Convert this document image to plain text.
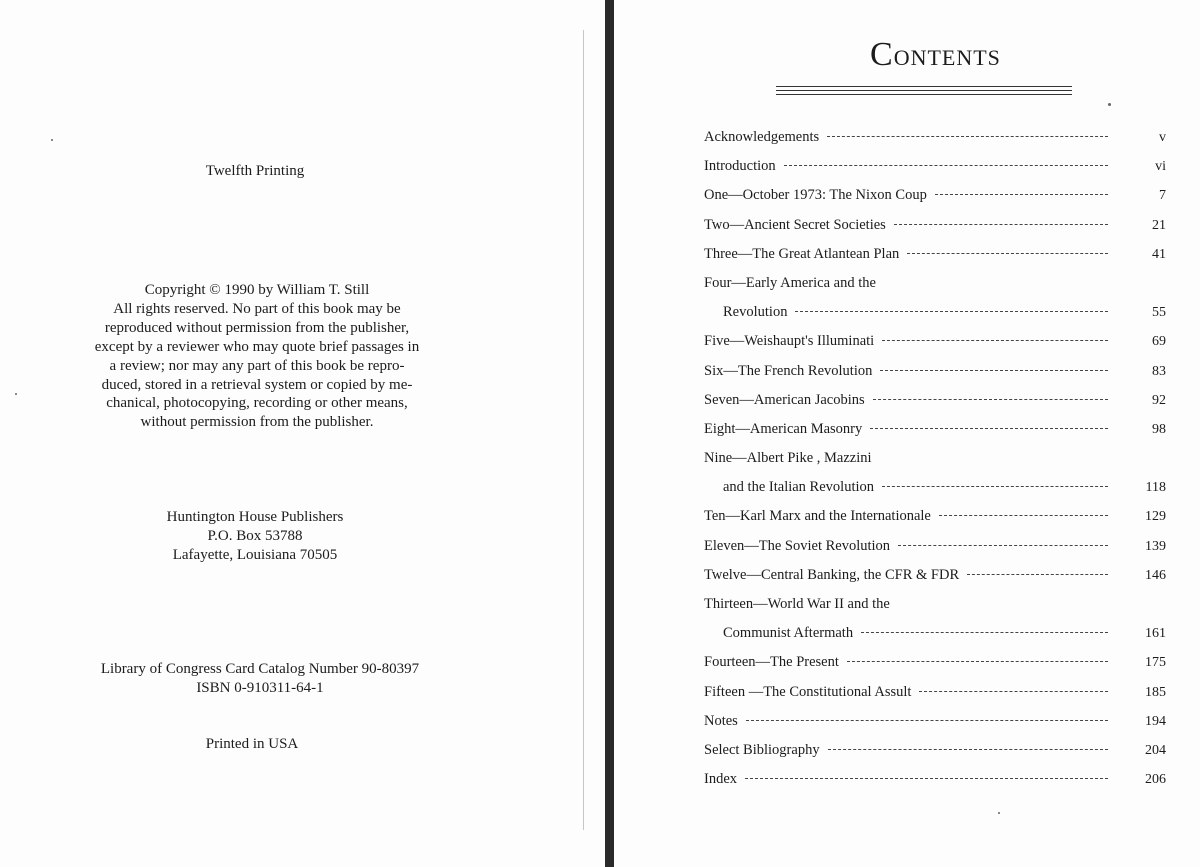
Twelfth Printing
Copyright © 1990 by William T. Still
All rights reserved. No part of this book may be
reproduced without permission from the publisher,
except by a reviewer who may quote brief passages in
a review; nor may any part of this book be repro-
duced, stored in a retrieval system or copied by me-
chanical, photocopying, recording or other means,
without permission from the publisher.
Huntington House Publishers
P.O. Box 53788
Lafayette, Louisiana 70505
Library of Congress Card Catalog Number 90-80397
ISBN 0-910311-64-1
Printed in USA
CONTENTS
Acknowledgements	v
Introduction	vi
One—October 1973: The Nixon Coup	7
Two—Ancient Secret Societies	21
Three—The Great Atlantean Plan	41
Four—Early America and the
Revolution	55
Five—Weishaupt's Illuminati	69
Six—The French Revolution	83
Seven—American Jacobins	92
Eight—American Masonry	98
Nine—Albert Pike , Mazzini
and the Italian Revolution	118
Ten—Karl Marx and the Internationale	129
Eleven—The Soviet Revolution	139
Twelve—Central Banking, the CFR & FDR	146
Thirteen—World War II and the
Communist Aftermath	161
Fourteen—The Present	175
Fifteen —The Constitutional Assult	185
Notes	194
Select Bibliography	204
Index	206
